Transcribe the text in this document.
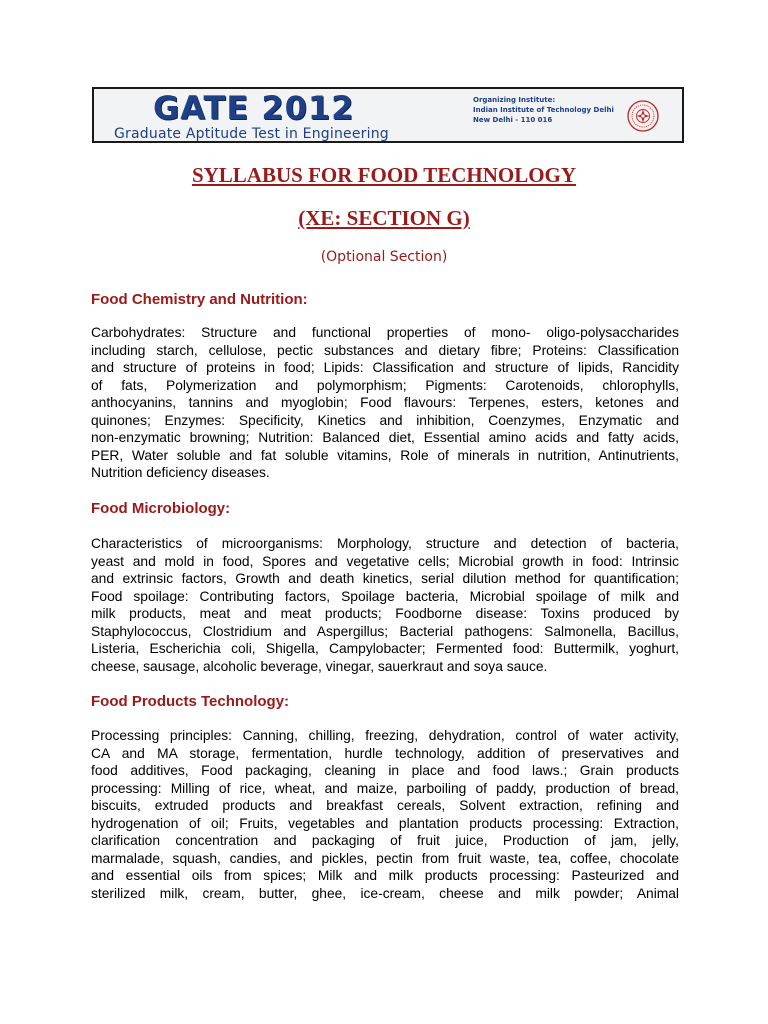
GATE 2012
Graduate Aptitude Test in Engineering
Organizing Institute:
Indian Institute of Technology Delhi
New Delhi - 110 016
SYLLABUS FOR FOOD TECHNOLOGY
(XE: SECTION G)
(Optional Section)
Food Chemistry and Nutrition:
Carbohydrates: Structure and functional properties of mono- oligo-polysaccharides
including starch, cellulose, pectic substances and dietary fibre; Proteins: Classification
and structure of proteins in food; Lipids: Classification and structure of lipids, Rancidity
of fats, Polymerization and polymorphism; Pigments: Carotenoids, chlorophylls,
anthocyanins, tannins and myoglobin; Food flavours: Terpenes, esters, ketones and
quinones; Enzymes: Specificity, Kinetics and inhibition, Coenzymes, Enzymatic and
non-enzymatic browning; Nutrition: Balanced diet, Essential amino acids and fatty acids,
PER, Water soluble and fat soluble vitamins, Role of minerals in nutrition, Antinutrients,
Nutrition deficiency diseases.
Food Microbiology:
Characteristics of microorganisms: Morphology, structure and detection of bacteria,
yeast and mold in food, Spores and vegetative cells; Microbial growth in food: Intrinsic
and extrinsic factors, Growth and death kinetics, serial dilution method for quantification;
Food spoilage: Contributing factors, Spoilage bacteria, Microbial spoilage of milk and
milk products, meat and meat products; Foodborne disease: Toxins produced by
Staphylococcus, Clostridium and Aspergillus; Bacterial pathogens: Salmonella, Bacillus,
Listeria, Escherichia coli, Shigella, Campylobacter; Fermented food: Buttermilk, yoghurt,
cheese, sausage, alcoholic beverage, vinegar, sauerkraut and soya sauce.
Food Products Technology:
Processing principles: Canning, chilling, freezing, dehydration, control of water activity,
CA and MA storage, fermentation, hurdle technology, addition of preservatives and
food additives, Food packaging, cleaning in place and food laws.; Grain products
processing: Milling of rice, wheat, and maize, parboiling of paddy, production of bread,
biscuits, extruded products and breakfast cereals, Solvent extraction, refining and
hydrogenation of oil; Fruits, vegetables and plantation products processing: Extraction,
clarification concentration and packaging of fruit juice, Production of jam, jelly,
marmalade, squash, candies, and pickles, pectin from fruit waste, tea, coffee, chocolate
and essential oils from spices; Milk and milk products processing: Pasteurized and
sterilized milk, cream, butter, ghee, ice-cream, cheese and milk powder; Animal
